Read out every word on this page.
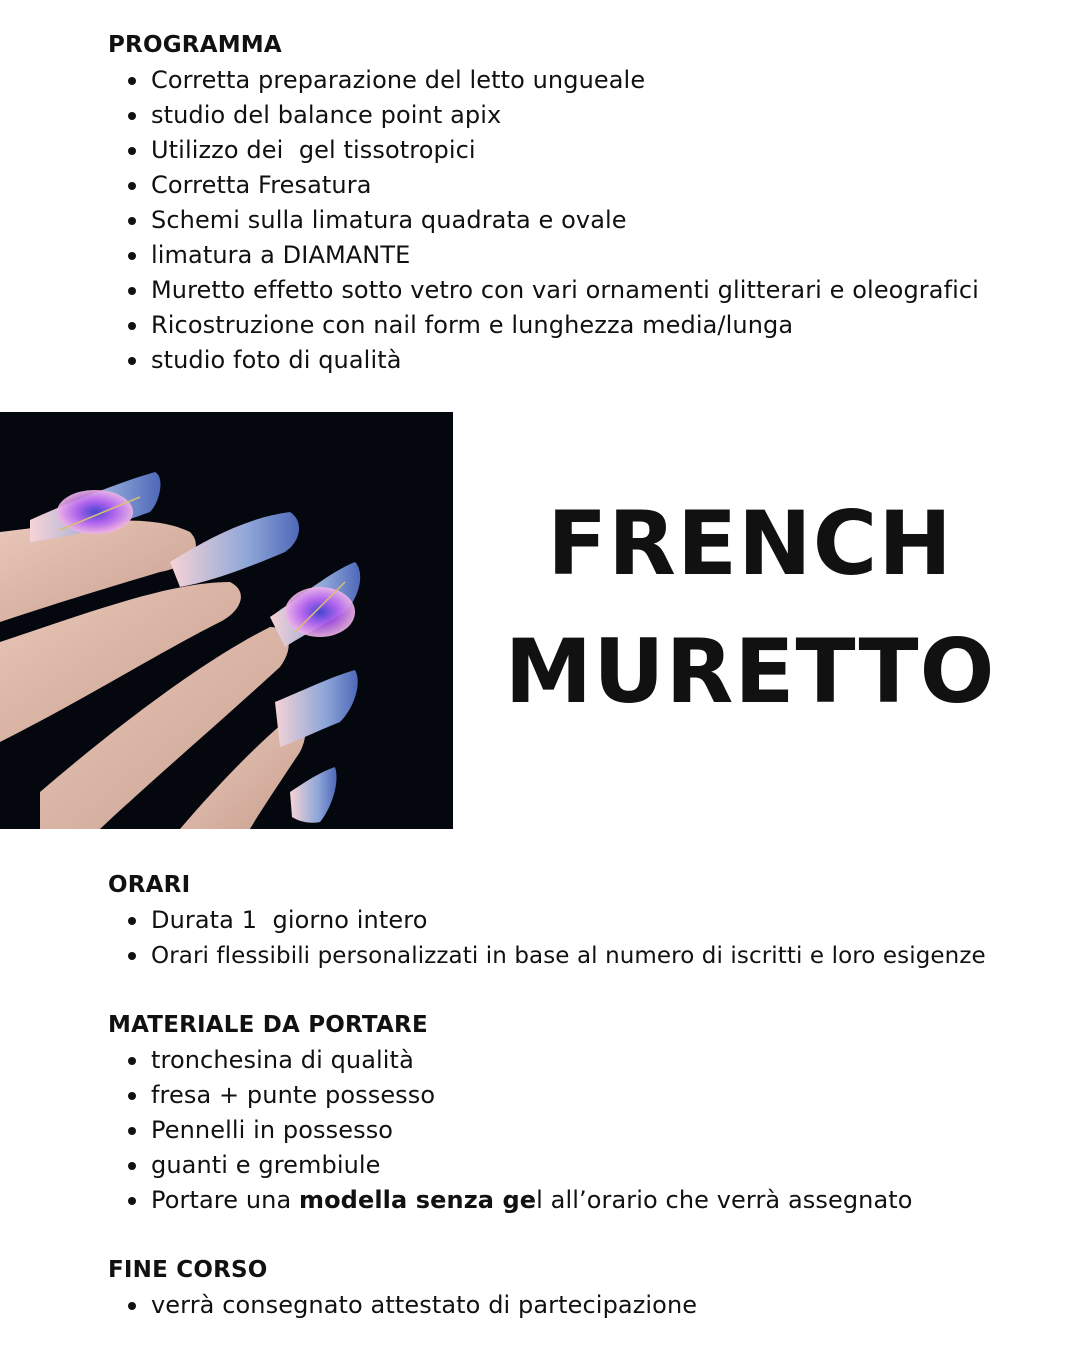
PROGRAMMA
Corretta preparazione del letto ungueale
studio del balance point apix
Utilizzo dei  gel tissotropici
Corretta Fresatura
Schemi sulla limatura quadrata e ovale
limatura a DIAMANTE
Muretto effetto sotto vetro con vari ornamenti glitterari e oleografici
Ricostruzione con nail form e lunghezza media/lunga
studio foto di qualità
FRENCH
MURETTO
ORARI
Durata 1  giorno intero
Orari flessibili personalizzati in base al numero di iscritti e loro esigenze
MATERIALE DA PORTARE
tronchesina di qualità
fresa + punte possesso
Pennelli in possesso
guanti e grembiule
Portare una modella senza gel all’orario che verrà assegnato
FINE CORSO
verrà consegnato attestato di partecipazione
